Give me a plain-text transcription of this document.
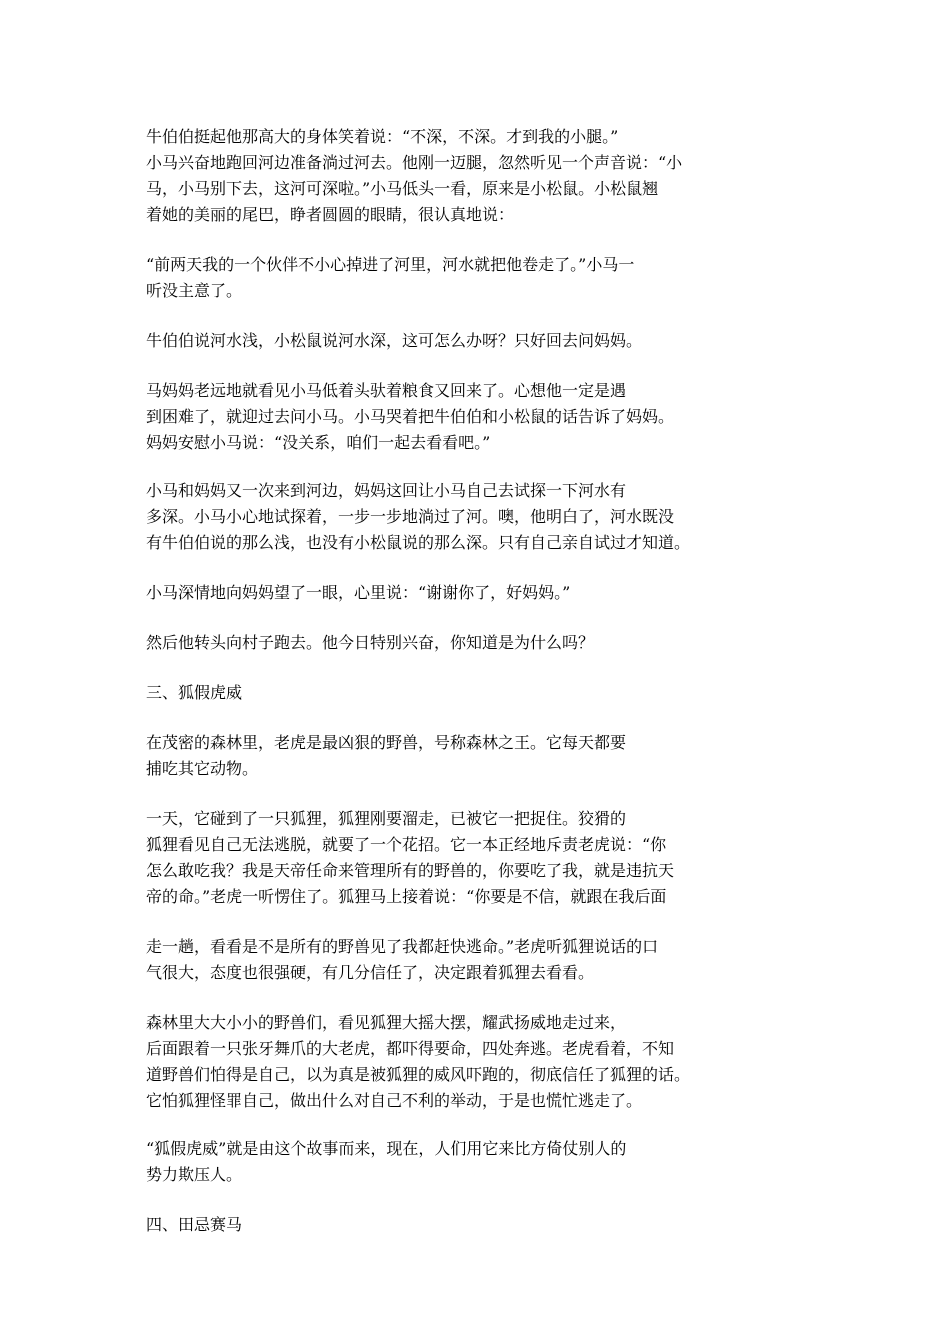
牛伯伯挺起他那高大的身体笑着说：“不深，不深。才到我的小腿。”
小马兴奋地跑回河边准备淌过河去。他刚一迈腿，忽然听见一个声音说：“小
马，小马别下去，这河可深啦。”小马低头一看，原来是小松鼠。小松鼠翘
着她的美丽的尾巴，睁者圆圆的眼睛，很认真地说：
“前两天我的一个伙伴不小心掉进了河里，河水就把他卷走了。”小马一
听没主意了。
牛伯伯说河水浅，小松鼠说河水深，这可怎么办呀？只好回去问妈妈。
马妈妈老远地就看见小马低着头驮着粮食又回来了。心想他一定是遇
到困难了，就迎过去问小马。小马哭着把牛伯伯和小松鼠的话告诉了妈妈。
妈妈安慰小马说：“没关系，咱们一起去看看吧。”
小马和妈妈又一次来到河边，妈妈这回让小马自己去试探一下河水有
多深。小马小心地试探着，一步一步地淌过了河。噢，他明白了，河水既没
有牛伯伯说的那么浅，也没有小松鼠说的那么深。只有自己亲自试过才知道。
小马深情地向妈妈望了一眼，心里说：“谢谢你了，好妈妈。”
然后他转头向村子跑去。他今日特别兴奋，你知道是为什么吗？
三、狐假虎威
在茂密的森林里，老虎是最凶狠的野兽，号称森林之王。它每天都要
捕吃其它动物。
一天，它碰到了一只狐狸，狐狸刚要溜走，已被它一把捉住。狡猾的
狐狸看见自己无法逃脱，就要了一个花招。它一本正经地斥责老虎说：“你
怎么敢吃我？我是天帝任命来管理所有的野兽的，你要吃了我，就是违抗天
帝的命。”老虎一听愣住了。狐狸马上接着说：“你要是不信，就跟在我后面
走一趟，看看是不是所有的野兽见了我都赶快逃命。”老虎听狐狸说话的口
气很大，态度也很强硬，有几分信任了，决定跟着狐狸去看看。
森林里大大小小的野兽们，看见狐狸大摇大摆，耀武扬威地走过来，
后面跟着一只张牙舞爪的大老虎，都吓得要命，四处奔逃。老虎看着，不知
道野兽们怕得是自己，以为真是被狐狸的威风吓跑的，彻底信任了狐狸的话。
它怕狐狸怪罪自己，做出什么对自己不利的举动，于是也慌忙逃走了。
“狐假虎威”就是由这个故事而来，现在，人们用它来比方倚仗别人的
势力欺压人。
四、田忌赛马
